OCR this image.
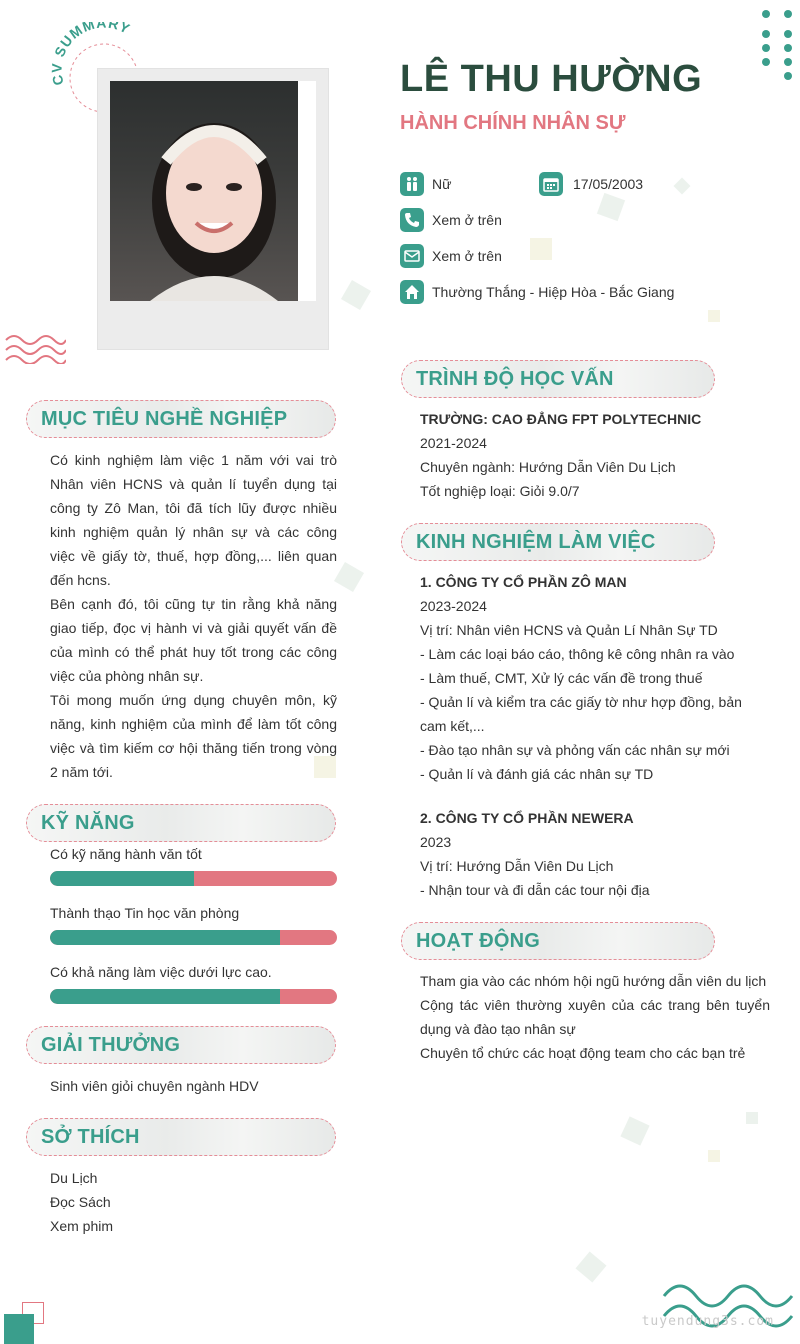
CV SUMMARY
LÊ THU HƯỜNG
HÀNH CHÍNH NHÂN SỰ
Nữ	17/05/2003
Xem ở trên
Xem ở trên
Thường Thắng - Hiệp Hòa - Bắc Giang
MỤC TIÊU NGHỀ NGHIỆP

Có kinh nghiệm làm việc 1 năm với vai trò Nhân viên HCNS và quản lí tuyển dụng tại công ty Zô Man, tôi đã tích lũy được nhiều kinh nghiệm quản lý nhân sự và các công việc về giấy tờ, thuế, hợp đồng,... liên quan đến hcns.

Bên cạnh đó, tôi cũng tự tin rằng khả năng giao tiếp, đọc vị hành vi và giải quyết vấn đề của mình có thể phát huy tốt trong các công việc của phòng nhân sự.

Tôi mong muốn ứng dụng chuyên môn, kỹ năng, kinh nghiệm của mình để làm tốt công việc và tìm kiếm cơ hội thăng tiến trong vòng 2 năm tới.

KỸ NĂNG
Có kỹ năng hành văn tốt
Thành thạo Tin học văn phòng
Có khả năng làm việc dưới lực cao.
GIẢI THƯỞNG
Sinh viên giỏi chuyên ngành HDV
SỞ THÍCH
Du Lịch
Đọc Sách
Xem phim
TRÌNH ĐỘ HỌC VẤN
TRƯỜNG: CAO ĐẲNG FPT POLYTECHNIC
2021-2024
Chuyên ngành: Hướng Dẫn Viên Du Lịch
Tốt nghiệp loại: Giỏi 9.0/7
KINH NGHIỆM LÀM VIỆC
1. CÔNG TY CỔ PHẦN ZÔ MAN
2023-2024
Vị trí: Nhân viên HCNS và Quản Lí Nhân Sự TD
- Làm các loại báo cáo, thông kê công nhân ra vào
- Làm thuế, CMT, Xử lý các vấn đề trong thuế
- Quản lí và kiểm tra các giấy tờ như hợp đồng, bản cam kết,...
- Đào tạo nhân sự và phỏng vấn các nhân sự mới
- Quản lí và đánh giá các nhân sự TD
2. CÔNG TY CỔ PHẦN NEWERA
2023
Vị trí: Hướng Dẫn Viên Du Lịch
- Nhận tour và đi dẫn các tour nội địa
HOẠT ĐỘNG
Tham gia vào các nhóm hội ngũ hướng dẫn viên du lịch
Cộng tác viên thường xuyên của các trang bên tuyển dụng và đào tạo nhân sự
Chuyên tổ chức các hoạt động team cho các bạn trẻ
tuyendung3s.com
